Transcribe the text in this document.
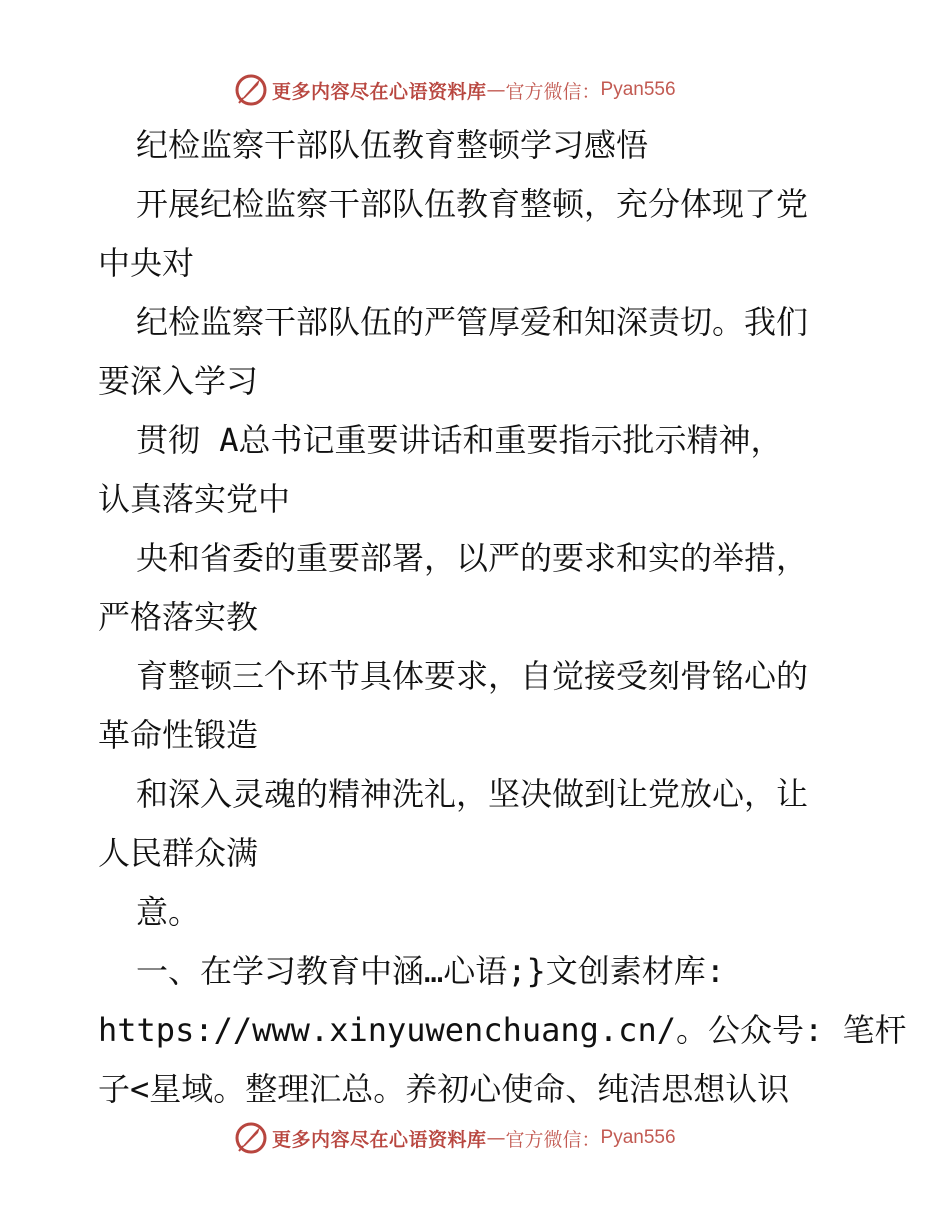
更多内容尽在心语资料库 — 官方微信： Pyan556
纪检监察干部队伍教育整顿学习感悟
开展纪检监察干部队伍教育整顿，充分体现了党
中央对
纪检监察干部队伍的严管厚爱和知深责切。我们
要深入学习
贯彻 A总书记重要讲话和重要指示批示精神，
认真落实党中
央和省委的重要部署，以严的要求和实的举措，
严格落实教
育整顿三个环节具体要求，自觉接受刻骨铭心的
革命性锻造
和深入灵魂的精神洗礼，坚决做到让党放心，让
人民群众满
意。
一、在学习教育中涵…心语;}文创素材库:
https://www.xinyuwenchuang.cn/。公众号: 笔杆
子<星域。整理汇总。养初心使命、纯洁思想认识
更多内容尽在心语资料库 — 官方微信： Pyan556
